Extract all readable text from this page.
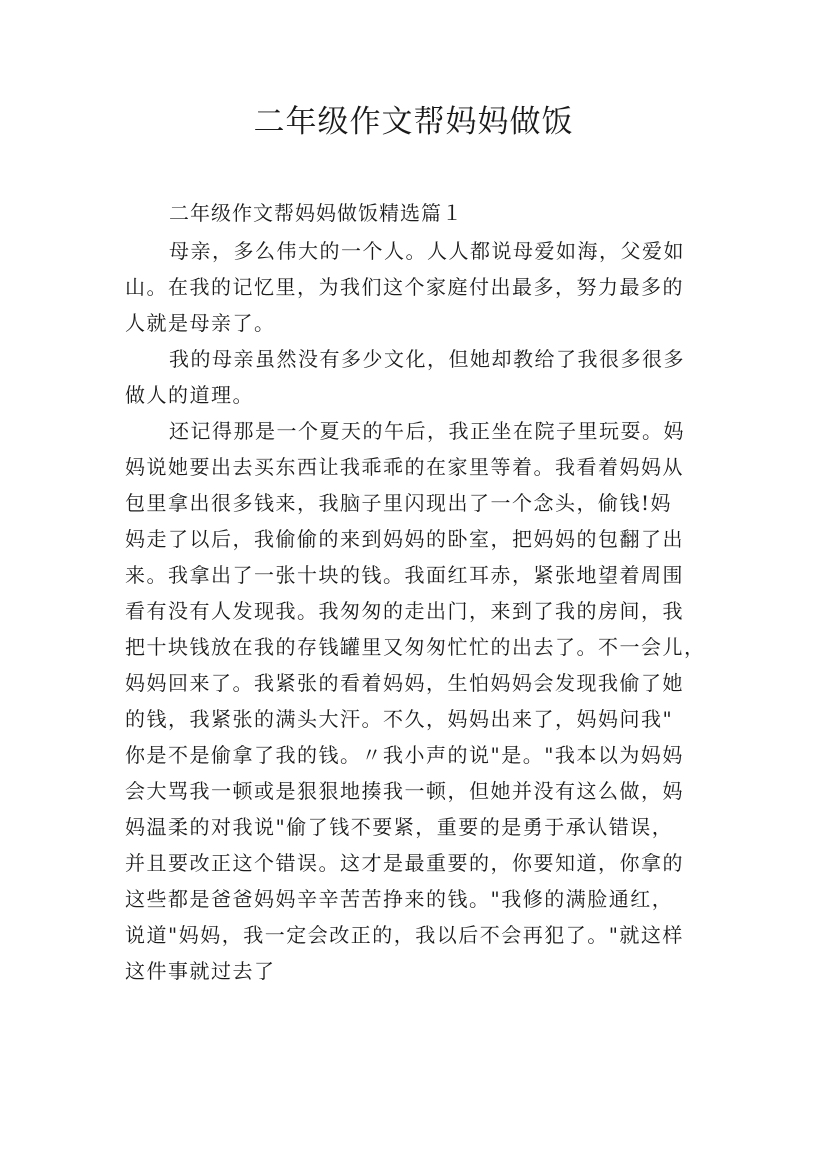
二年级作文帮妈妈做饭

二年级作文帮妈妈做饭精选篇１

母亲，多么伟大的一个人。人人都说母爱如海，父爱如
山。在我的记忆里，为我们这个家庭付出最多，努力最多的
人就是母亲了。

我的母亲虽然没有多少文化，但她却教给了我很多很多
做人的道理。

还记得那是一个夏天的午后，我正坐在院子里玩耍。妈
妈说她要出去买东西让我乖乖的在家里等着。我看着妈妈从
包里拿出很多钱来，我脑子里闪现出了一个念头，偷钱!妈
妈走了以后，我偷偷的来到妈妈的卧室，把妈妈的包翻了出
来。我拿出了一张十块的钱。我面红耳赤，紧张地望着周围
看有没有人发现我。我匆匆的走出门，来到了我的房间，我
把十块钱放在我的存钱罐里又匆匆忙忙的出去了。不一会儿，
妈妈回来了。我紧张的看着妈妈，生怕妈妈会发现我偷了她
的钱，我紧张的满头大汗。不久，妈妈出来了，妈妈问我"
你是不是偷拿了我的钱。〃我小声的说"是。"我本以为妈妈
会大骂我一顿或是狠狠地揍我一顿，但她并没有这么做，妈
妈温柔的对我说"偷了钱不要紧，重要的是勇于承认错误，
并且要改正这个错误。这才是最重要的，你要知道，你拿的
这些都是爸爸妈妈辛辛苦苦挣来的钱。"我修的满脸通红，
说道"妈妈，我一定会改正的，我以后不会再犯了。"就这样
这件事就过去了
